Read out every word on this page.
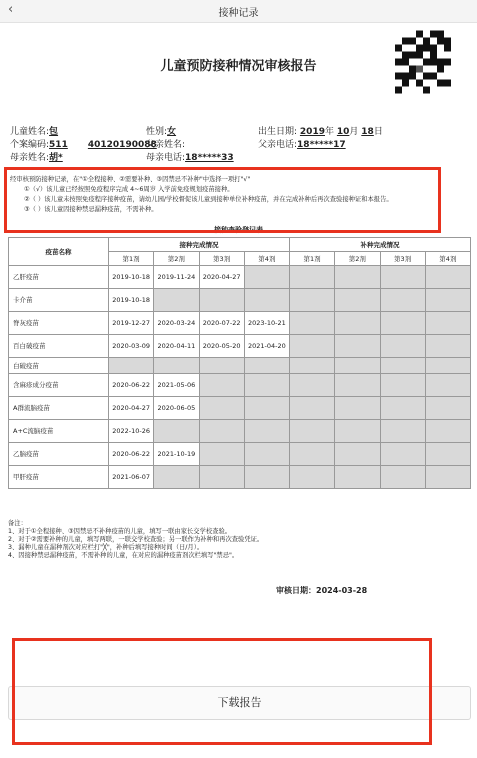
‹	接种记录
儿童预防接种情况审核报告
儿童姓名:包	性别:女	出生日期: 2019年 10月 18日
个案编码:511 40120190088
父亲姓名:	父亲电话:18*****17
母亲姓名:胡*	母亲电话:18*****33
经审核预防接种记录，在"①全程接种、②需要补种、③因禁忌不补种"中选择一项打"√"
①（√）该儿童已经按照免疫程序完成 4~6周岁 入学前免疫规划疫苗接种。
②（ ）该儿童未按照免疫程序接种疫苗，请幼儿园/学校督促该儿童到接种单位补种疫苗，并在完成补种后再次查验接种证和本报告。
③（ ）该儿童因接种禁忌漏种疫苗，不需补种。
接种查验登记表
疫苗名称	接种完成情况				补种完成情况			
	第1剂	第2剂	第3剂	第4剂	第1剂	第2剂	第3剂	第4剂
乙肝疫苗	2019-10-18	2019-11-24	2020-04-27					
卡介苗	2019-10-18							
脊灰疫苗	2019-12-27	2020-03-24	2020-07-22	2023-10-21				
百白破疫苗	2020-03-09	2020-04-11	2020-05-20	2021-04-20				
白破疫苗								
含麻疹成分疫苗	2020-06-22	2021-05-06						
A群流脑疫苗	2020-04-27	2020-06-05						
A+C流脑疫苗	2022-10-26							
乙脑疫苗	2020-06-22	2021-10-19						
甲肝疫苗	2021-06-07							
备注：
1、对于①全程接种、③因禁忌不补种疫苗的儿童，填写一联由家长交学校查验。
2、对于②需要补种的儿童，填写两联，一联交学校查验；另一联作为补种和再次查验凭证。
3、漏种儿童在漏种剂次对应栏打"╳"，补种后填写接种时间（日/月）。
4、因接种禁忌漏种疫苗，不需补种的儿童，在对应的漏种疫苗剂次栏填写"禁忌"。
审核日期：2024-03-28
下载报告
